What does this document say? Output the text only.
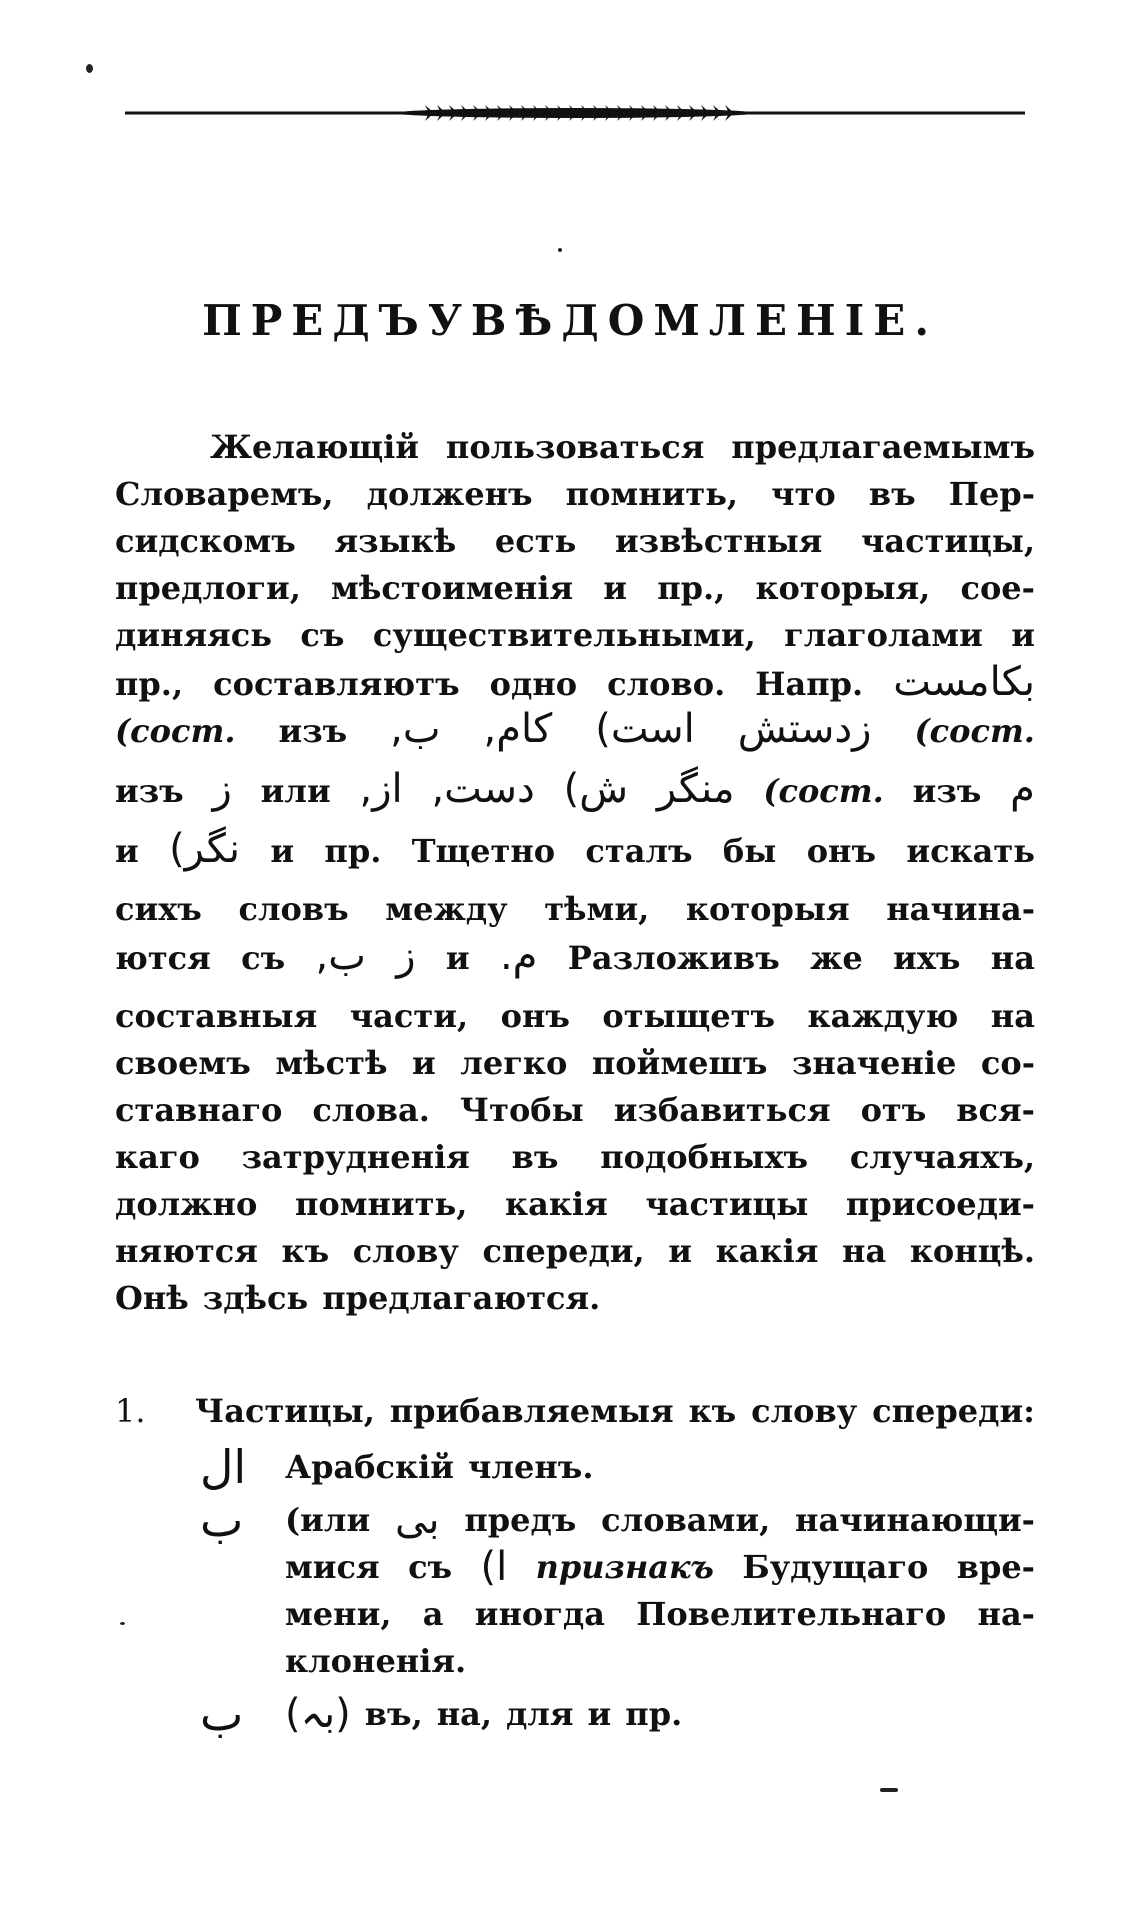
ПРЕДЪУВѢДОМЛЕНІЕ.
Желающій пользоваться предлагаемымъ
Словаремъ, долженъ помнить, что въ Пер-
сидскомъ языкѣ есть извѣстныя частицы,
предлоги, мѣстоименія и пр., которыя, сое-
диняясь съ существительными, глаголами и
пр., составляютъ одно слово. Напр. بکامست
(сост. изъ ب, کام, است) زدستش (сост.
изъ ز или از, دست, ش) منگر (сост. изъ م
и نگر) и пр. Тщетно сталъ бы онъ искать
сихъ словъ между тѣми, которыя начина-
ются съ ب, ز и م. Разложивъ же ихъ на
составныя части, онъ отыщетъ каждую на
своемъ мѣстѣ и легко поймешъ значеніе со-
ставнаго слова. Чтобы избавиться отъ вся-
каго затрудненія въ подобныхъ случаяхъ,
должно помнить, какія частицы присоеди-
няются къ слову спереди, и какія на концѣ.
Онѣ здѣсь предлагаются.
1.	Частицы, прибавляемыя къ слову спереди:
ال Арабскій членъ.
ب (или بی предъ словами, начинающи-
мися съ ا) признакъ Будущаго вре-
мени, а иногда Повелительнаго на-
клоненія.
ب (بہ) въ, на, для и пр.
